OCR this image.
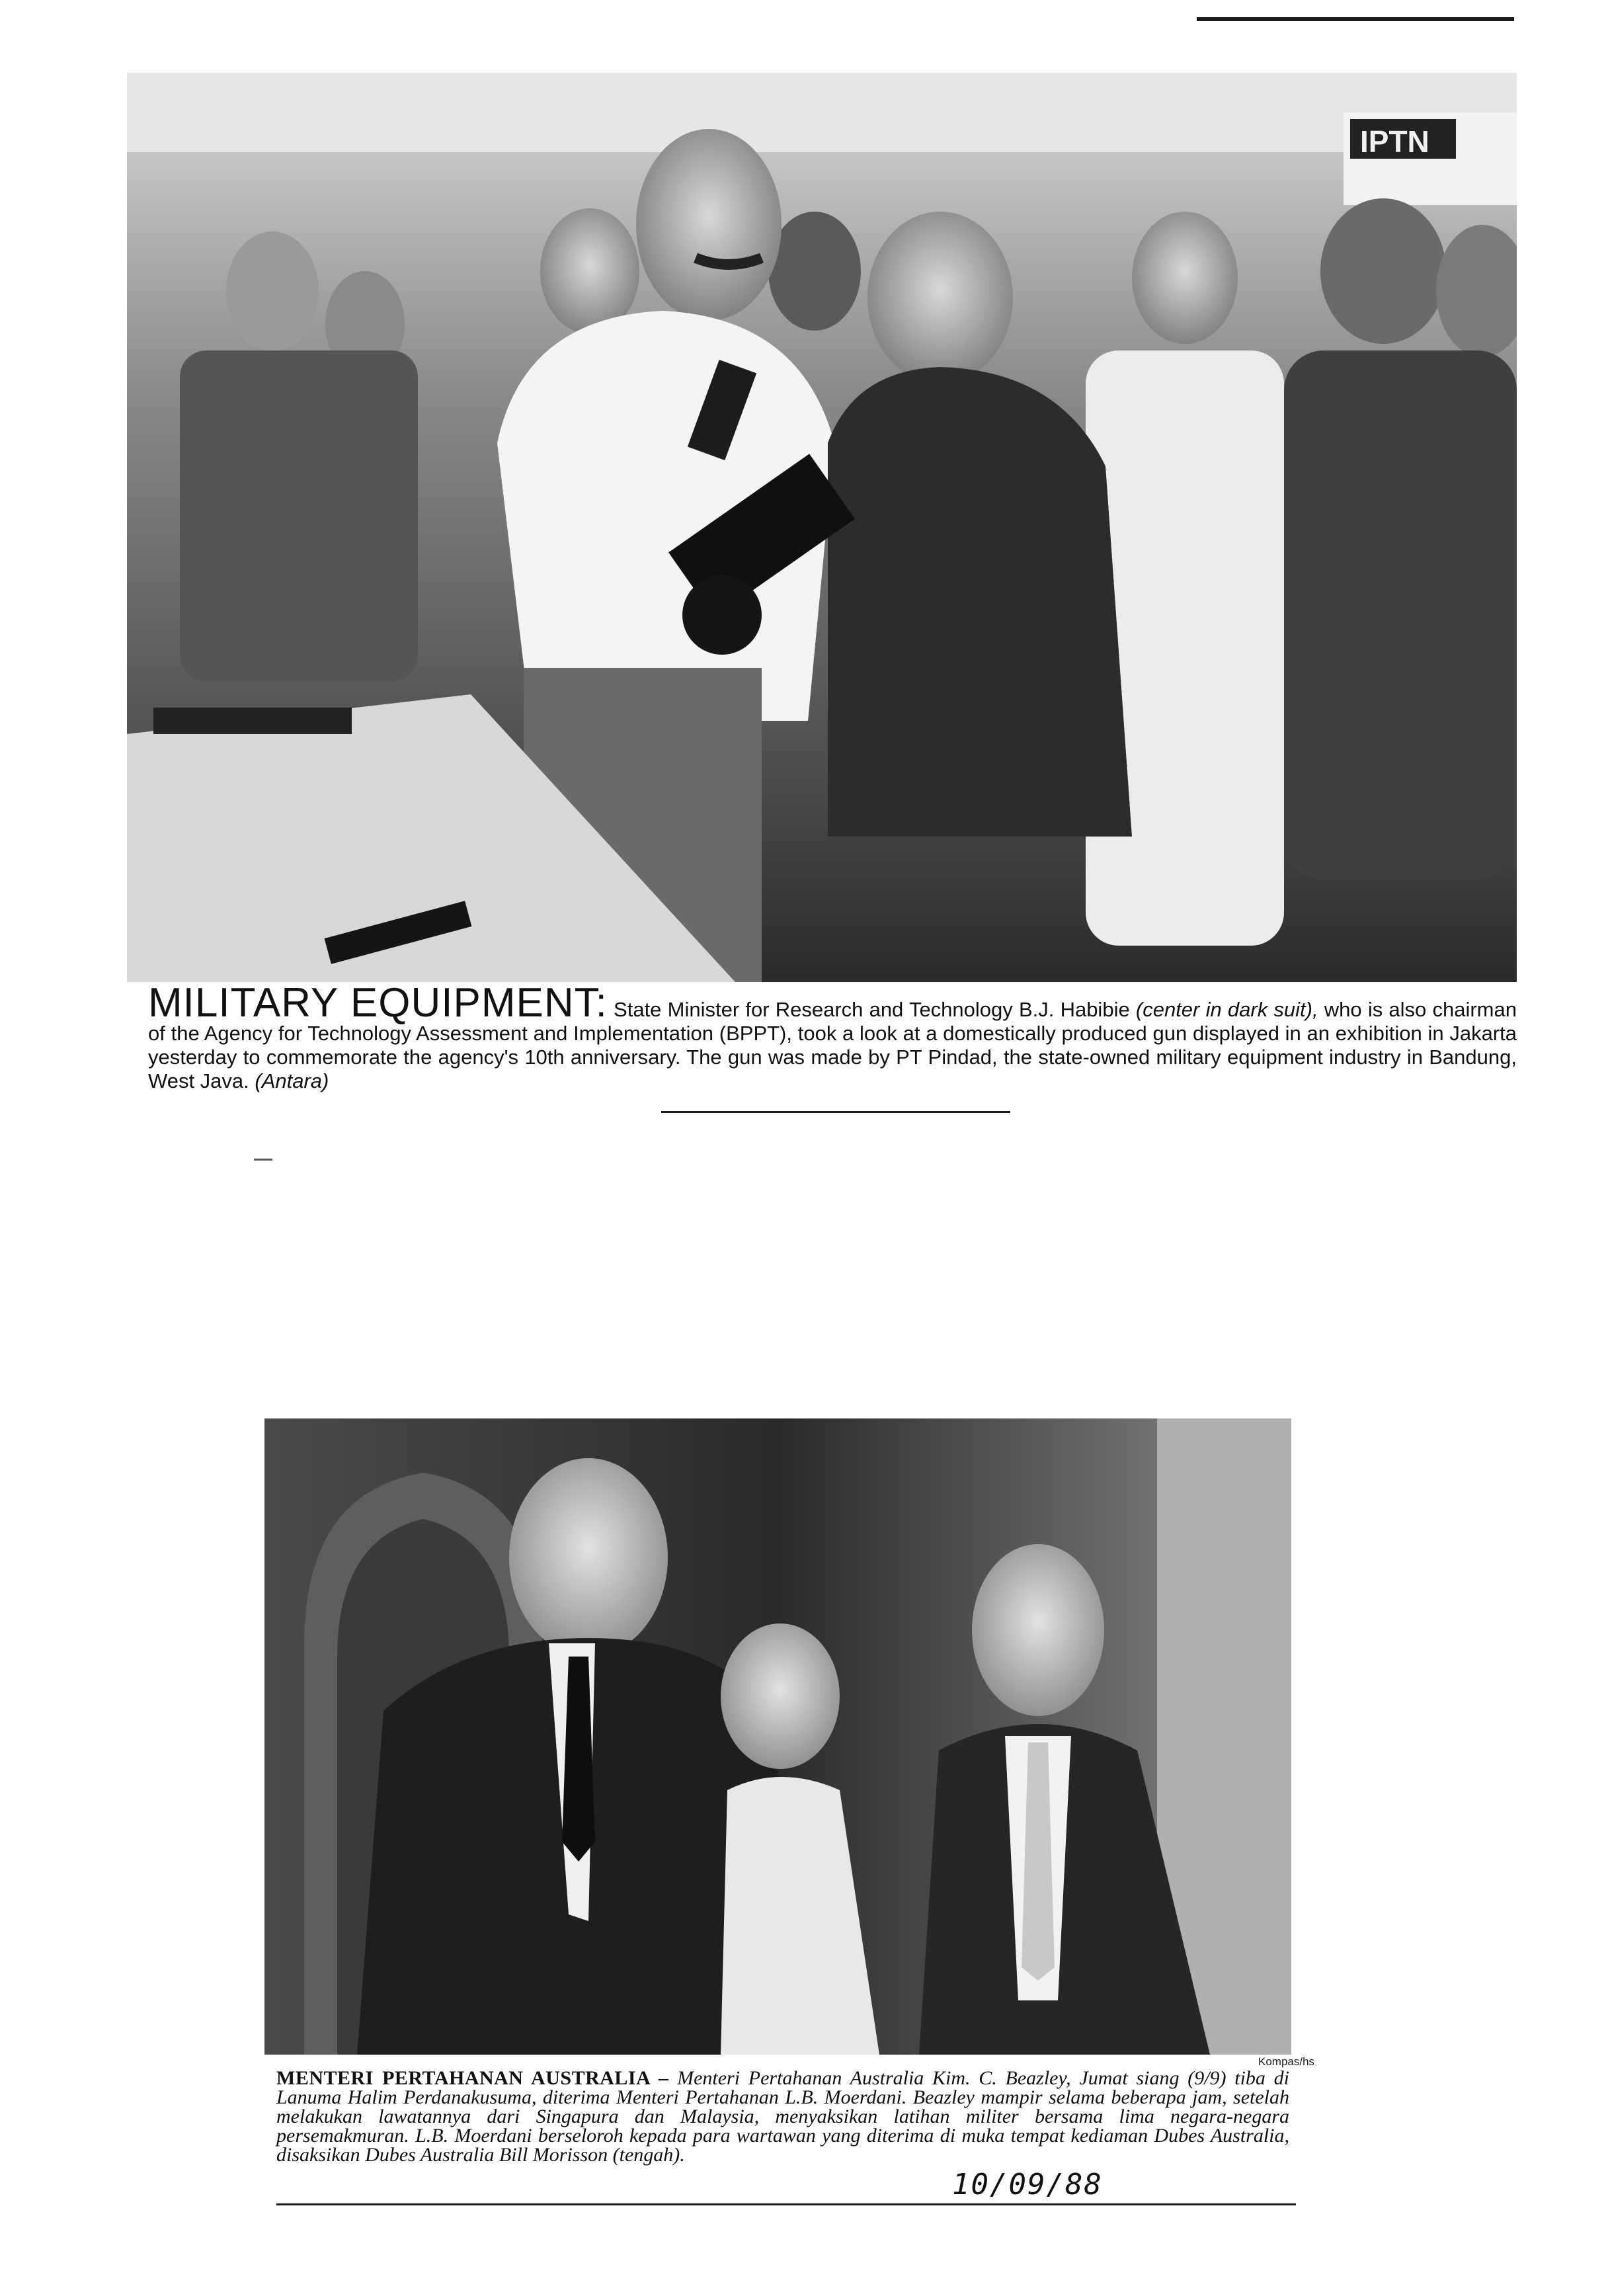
IPTN
MILITARY EQUIPMENT: State Minister for Research and Technology B.J. Habibie (center in dark suit), who is also chairman of the Agency for Technology Assessment and Implementation (BPPT), took a look at a domestically produced gun displayed in an exhibition in Jakarta yesterday to commemorate the agency's 10th anniversary. The gun was made by PT Pindad, the state-owned military equipment industry in Bandung, West Java. (Antara)
Kompas/hs
MENTERI PERTAHANAN AUSTRALIA – Menteri Pertahanan Australia Kim. C. Beazley, Jumat siang (9/9) tiba di Lanuma Halim Perdanakusuma, diterima Menteri Pertahanan L.B. Moerdani. Beazley mampir selama beberapa jam, setelah melakukan lawatannya dari Singapura dan Malaysia, menyaksikan latihan militer bersama lima negara-negara persemakmuran. L.B. Moerdani berseloroh kepada para wartawan yang diterima di muka tempat kediaman Dubes Australia, disaksikan Dubes Australia Bill Morisson (tengah).
10/09/88
